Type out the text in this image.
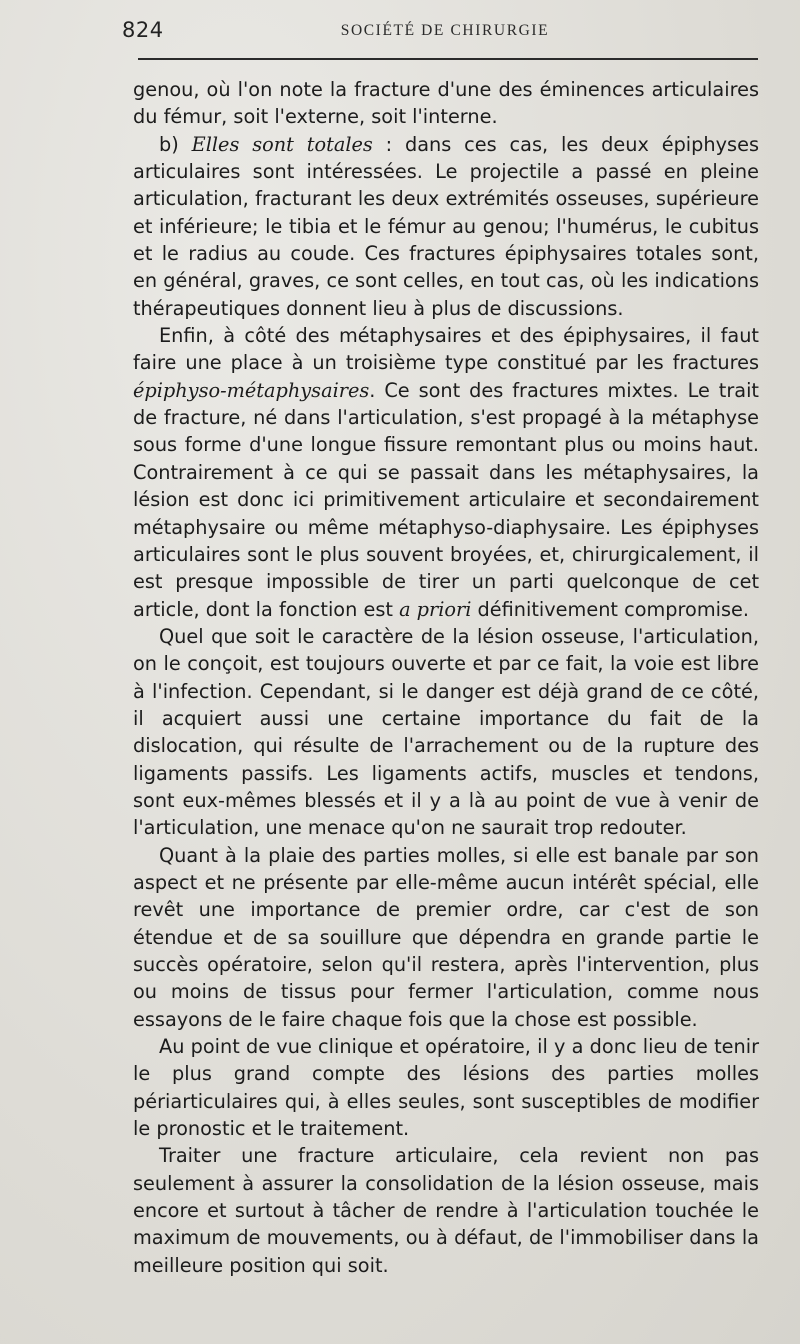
824	SOCIÉTÉ DE CHIRURGIE

genou, où l'on note la fracture d'une des éminences articulaires du fémur, soit l'externe, soit l'interne.

b) Elles sont totales : dans ces cas, les deux épiphyses articulaires sont intéressées. Le projectile a passé en pleine articulation, fracturant les deux extrémités osseuses, supérieure et inférieure; le tibia et le fémur au genou; l'humérus, le cubitus et le radius au coude. Ces fractures épiphysaires totales sont, en général, graves, ce sont celles, en tout cas, où les indications thérapeutiques donnent lieu à plus de discussions.

Enfin, à côté des métaphysaires et des épiphysaires, il faut faire une place à un troisième type constitué par les fractures épiphyso-métaphysaires. Ce sont des fractures mixtes. Le trait de fracture, né dans l'articulation, s'est propagé à la métaphyse sous forme d'une longue fissure remontant plus ou moins haut. Contrairement à ce qui se passait dans les métaphysaires, la lésion est donc ici primitivement articulaire et secondairement métaphysaire ou même métaphyso-diaphysaire. Les épiphyses articulaires sont le plus souvent broyées, et, chirurgicalement, il est presque impossible de tirer un parti quelconque de cet article, dont la fonction est a priori définitivement compromise.

Quel que soit le caractère de la lésion osseuse, l'articulation, on le conçoit, est toujours ouverte et par ce fait, la voie est libre à l'infection. Cependant, si le danger est déjà grand de ce côté, il acquiert aussi une certaine importance du fait de la dislocation, qui résulte de l'arrachement ou de la rupture des ligaments passifs. Les ligaments actifs, muscles et tendons, sont eux-mêmes blessés et il y a là au point de vue à venir de l'articulation, une menace qu'on ne saurait trop redouter.

Quant à la plaie des parties molles, si elle est banale par son aspect et ne présente par elle-même aucun intérêt spécial, elle revêt une importance de premier ordre, car c'est de son étendue et de sa souillure que dépendra en grande partie le succès opératoire, selon qu'il restera, après l'intervention, plus ou moins de tissus pour fermer l'articulation, comme nous essayons de le faire chaque fois que la chose est possible.

Au point de vue clinique et opératoire, il y a donc lieu de tenir le plus grand compte des lésions des parties molles périarticulaires qui, à elles seules, sont susceptibles de modifier le pronostic et le traitement.

Traiter une fracture articulaire, cela revient non pas seulement à assurer la consolidation de la lésion osseuse, mais encore et surtout à tâcher de rendre à l'articulation touchée le maximum de mouvements, ou à défaut, de l'immobiliser dans la meilleure position qui soit.
